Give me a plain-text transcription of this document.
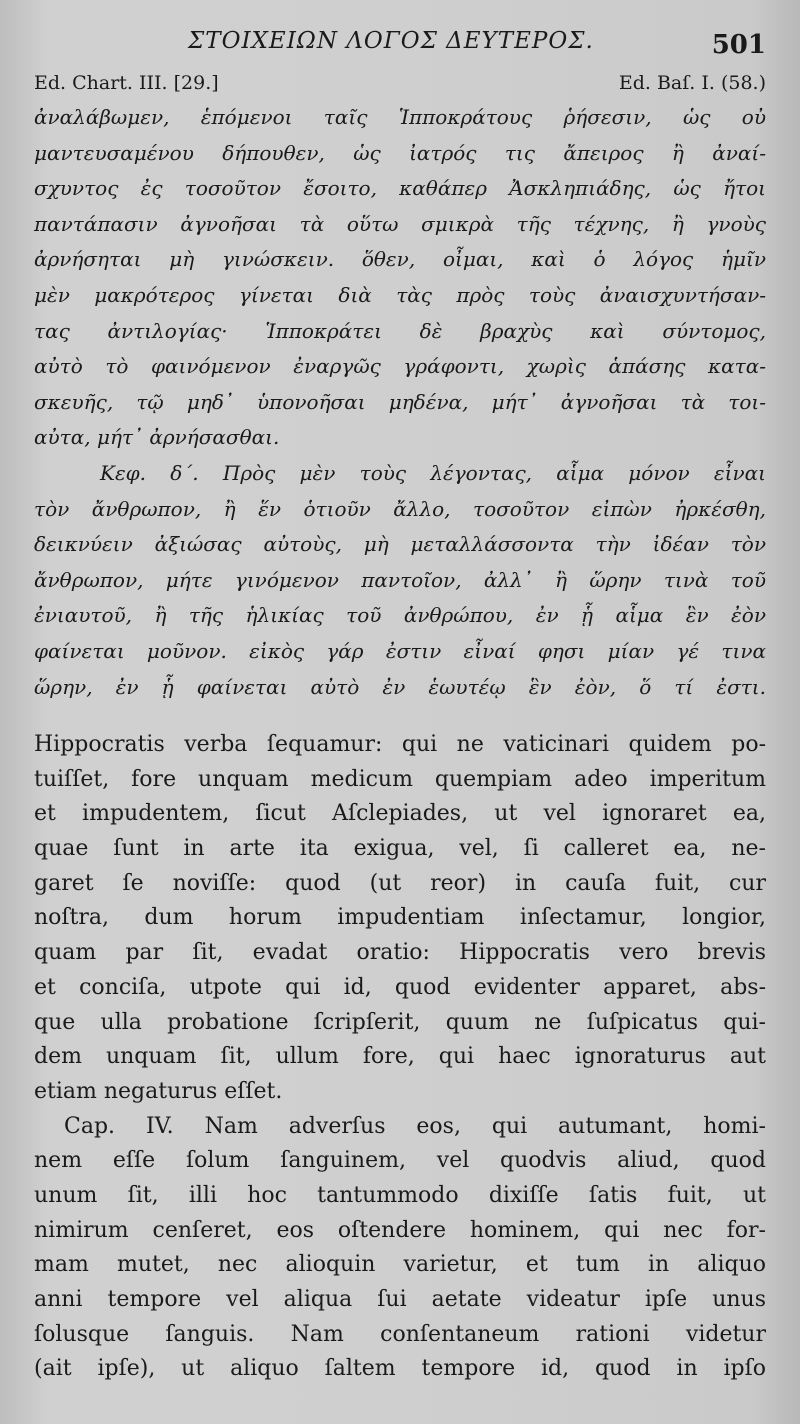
ΣΤΟΙΧΕΙΩΝ ΛΟΓΟΣ ΔΕΥΤΕΡΟΣ.	501
Ed. Chart. III. [29.]	Ed. Baſ. I. (58.)
ἀναλάβωμεν, ἑπόμενοι ταῖς Ἱπποκράτους ῥήσεσιν, ὡς οὐ
μαντευσαμένου δήπουθεν, ὡς ἰατρός τις ἄπειρος ἢ ἀναί-
σχυντος ἐς τοσοῦτον ἔσοιτο, καθάπερ Ἀσκληπιάδης, ὡς ἤτοι
παντάπασιν ἀγνοῆσαι τὰ οὕτω σμικρὰ τῆς τέχνης, ἢ γνοὺς
ἀρνήσηται μὴ γινώσκειν. ὅθεν, οἶμαι, καὶ ὁ λόγος ἡμῖν
μὲν μακρότερος γίνεται διὰ τὰς πρὸς τοὺς ἀναισχυντήσαν-
τας ἀντιλογίας· Ἱπποκράτει δὲ βραχὺς καὶ σύντομος,
αὐτὸ τὸ φαινόμενον ἐναργῶς γράφοντι, χωρὶς ἁπάσης κατα-
σκευῆς, τῷ μηδ᾽ ὑπονοῆσαι μηδένα, μήτ᾽ ἀγνοῆσαι τὰ τοι-
αὐτα, μήτ᾽ ἀρνήσασθαι.
Κεφ. δ΄. Πρὸς μὲν τοὺς λέγοντας, αἷμα μόνον εἶναι
τὸν ἄνθρωπον, ἢ ἕν ὁτιοῦν ἄλλο, τοσοῦτον εἰπὼν ἠρκέσθη,
δεικνύειν ἀξιώσας αὐτοὺς, μὴ μεταλλάσσοντα τὴν ἰδέαν τὸν
ἄνθρωπον, μήτε γινόμενον παντοῖον, ἀλλ᾽ ἢ ὥρην τινὰ τοῦ
ἐνιαυτοῦ, ἢ τῆς ἡλικίας τοῦ ἀνθρώπου, ἐν ᾗ αἷμα ἓν ἐὸν
φαίνεται μοῦνον. εἰκὸς γάρ ἐστιν εἶναί φησι μίαν γέ τινα
ὥρην, ἐν ᾗ φαίνεται αὐτὸ ἐν ἑωυτέῳ ἓν ἐὸν, ὅ τί ἐστι.
Hippocratis verba ſequamur: qui ne vaticinari quidem po-
tuiſſet, fore unquam medicum quempiam adeo imperitum
et impudentem, ſicut Aſclepiades, ut vel ignoraret ea,
quae ſunt in arte ita exigua, vel, ſi calleret ea, ne-
garet ſe noviſſe: quod (ut reor) in cauſa fuit, cur
noſtra, dum horum impudentiam inſectamur, longior,
quam par ſit, evadat oratio: Hippocratis vero brevis
et conciſa, utpote qui id, quod evidenter apparet, abs-
que ulla probatione ſcripſerit, quum ne ſuſpicatus qui-
dem unquam ſit, ullum fore, qui haec ignoraturus aut
etiam negaturus eſſet.
Cap. IV. Nam adverſus eos, qui autumant, homi-
nem eſſe ſolum ſanguinem, vel quodvis aliud, quod
unum ſit, illi hoc tantummodo dixiſſe ſatis fuit, ut
nimirum cenſeret, eos oſtendere hominem, qui nec for-
mam mutet, nec alioquin varietur, et tum in aliquo
anni tempore vel aliqua ſui aetate videatur ipſe unus
ſolusque ſanguis. Nam conſentaneum rationi videtur
(ait ipſe), ut aliquo ſaltem tempore id, quod in ipſo
